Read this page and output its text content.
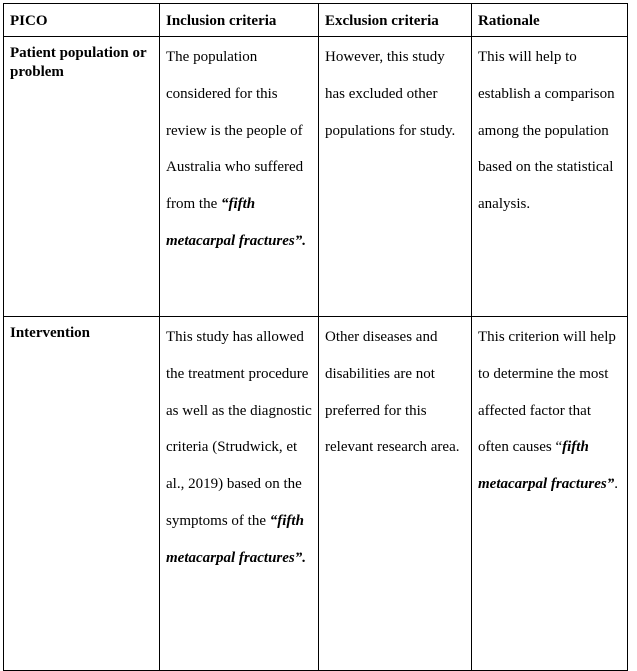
PICO	Inclusion criteria	Exclusion criteria	Rationale
Patient population or problem	The population considered for this review is the people of Australia who suffered from the “fifth metacarpal fractures”.	However, this study has excluded other populations for study.	This will help to establish a comparison among the population based on the statistical analysis.
Intervention	This study has allowed the treatment procedure as well as the diagnostic criteria (Strudwick, et al., 2019) based on the symptoms of the “fifth metacarpal fractures”.	Other diseases and disabilities are not preferred for this relevant research area.	This criterion will help to determine the most affected factor that often causes “fifth metacarpal fractures”.
